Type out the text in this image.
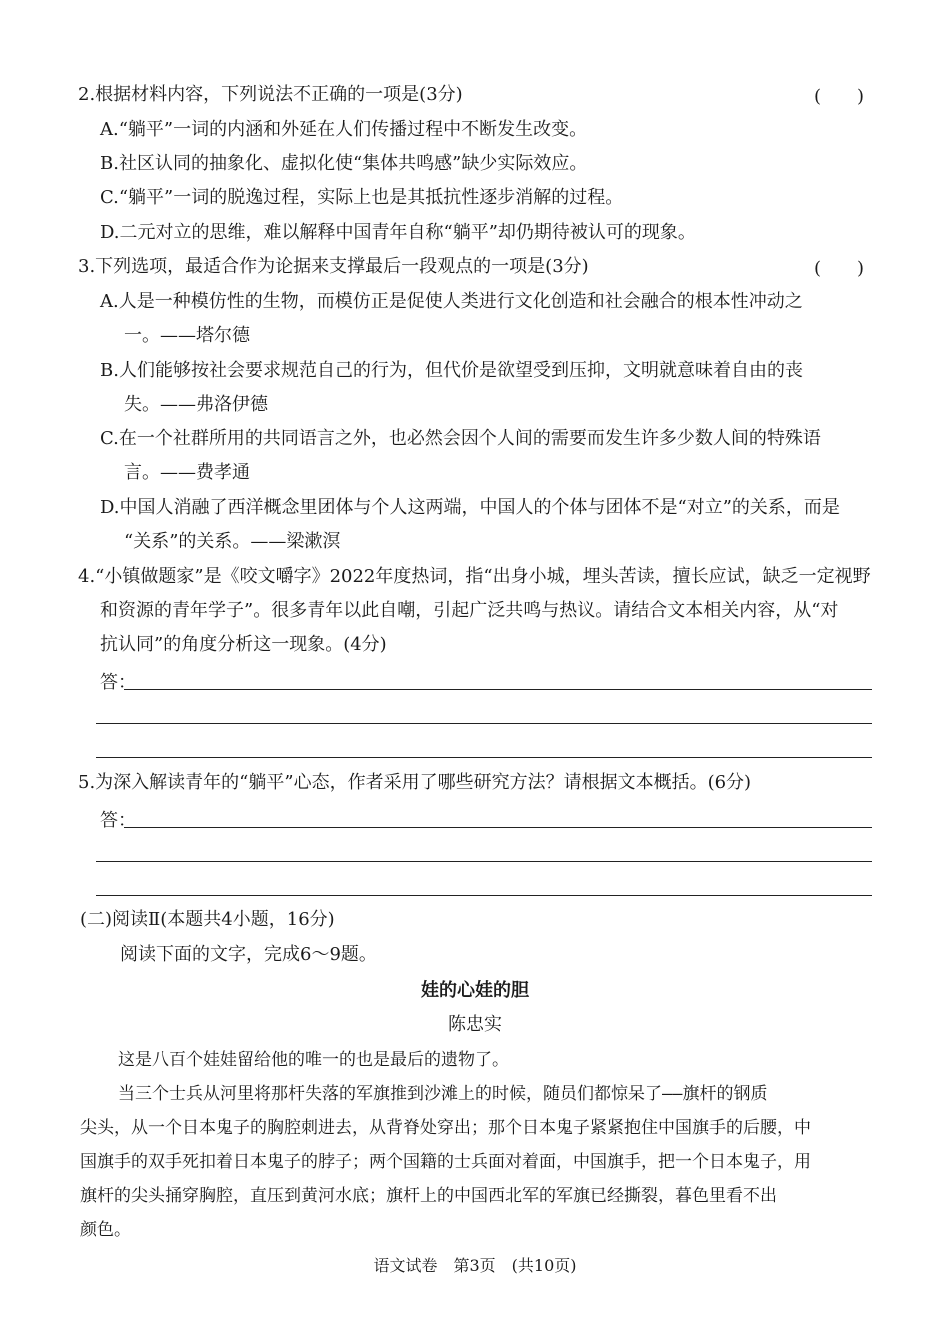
2.根据材料内容，下列说法不正确的一项是(3分)	(　　)
A.“躺平”一词的内涵和外延在人们传播过程中不断发生改变。
B.社区认同的抽象化、虚拟化使“集体共鸣感”缺少实际效应。
C.“躺平”一词的脱逸过程，实际上也是其抵抗性逐步消解的过程。
D.二元对立的思维，难以解释中国青年自称“躺平”却仍期待被认可的现象。
3.下列选项，最适合作为论据来支撑最后一段观点的一项是(3分)	(　　)
A.人是一种模仿性的生物，而模仿正是促使人类进行文化创造和社会融合的根本性冲动之
一。——塔尔德
B.人们能够按社会要求规范自己的行为，但代价是欲望受到压抑，文明就意味着自由的丧
失。——弗洛伊德
C.在一个社群所用的共同语言之外，也必然会因个人间的需要而发生许多少数人间的特殊语
言。——费孝通
D.中国人消融了西洋概念里团体与个人这两端，中国人的个体与团体不是“对立”的关系，而是
“关系”的关系。——梁漱溟
4.“小镇做题家”是《咬文嚼字》2022年度热词，指“出身小城，埋头苦读，擅长应试，缺乏一定视野
和资源的青年学子”。很多青年以此自嘲，引起广泛共鸣与热议。请结合文本相关内容，从“对
抗认同”的角度分析这一现象。(4分)
答：
5.为深入解读青年的“躺平”心态，作者采用了哪些研究方法？请根据文本概括。(6分)
答：
(二)阅读Ⅱ(本题共4小题，16分)
阅读下面的文字，完成6～9题。
娃的心娃的胆
陈忠实
这是八百个娃娃留给他的唯一的也是最后的遗物了。
当三个士兵从河里将那杆失落的军旗推到沙滩上的时候，随员们都惊呆了——旗杆的钢质
尖头，从一个日本鬼子的胸腔刺进去，从背脊处穿出；那个日本鬼子紧紧抱住中国旗手的后腰，中
国旗手的双手死扣着日本鬼子的脖子；两个国籍的士兵面对着面，中国旗手，把一个日本鬼子，用
旗杆的尖头捅穿胸腔，直压到黄河水底；旗杆上的中国西北军的军旗已经撕裂，暮色里看不出
颜色。
语文试卷　第3页　(共10页)
